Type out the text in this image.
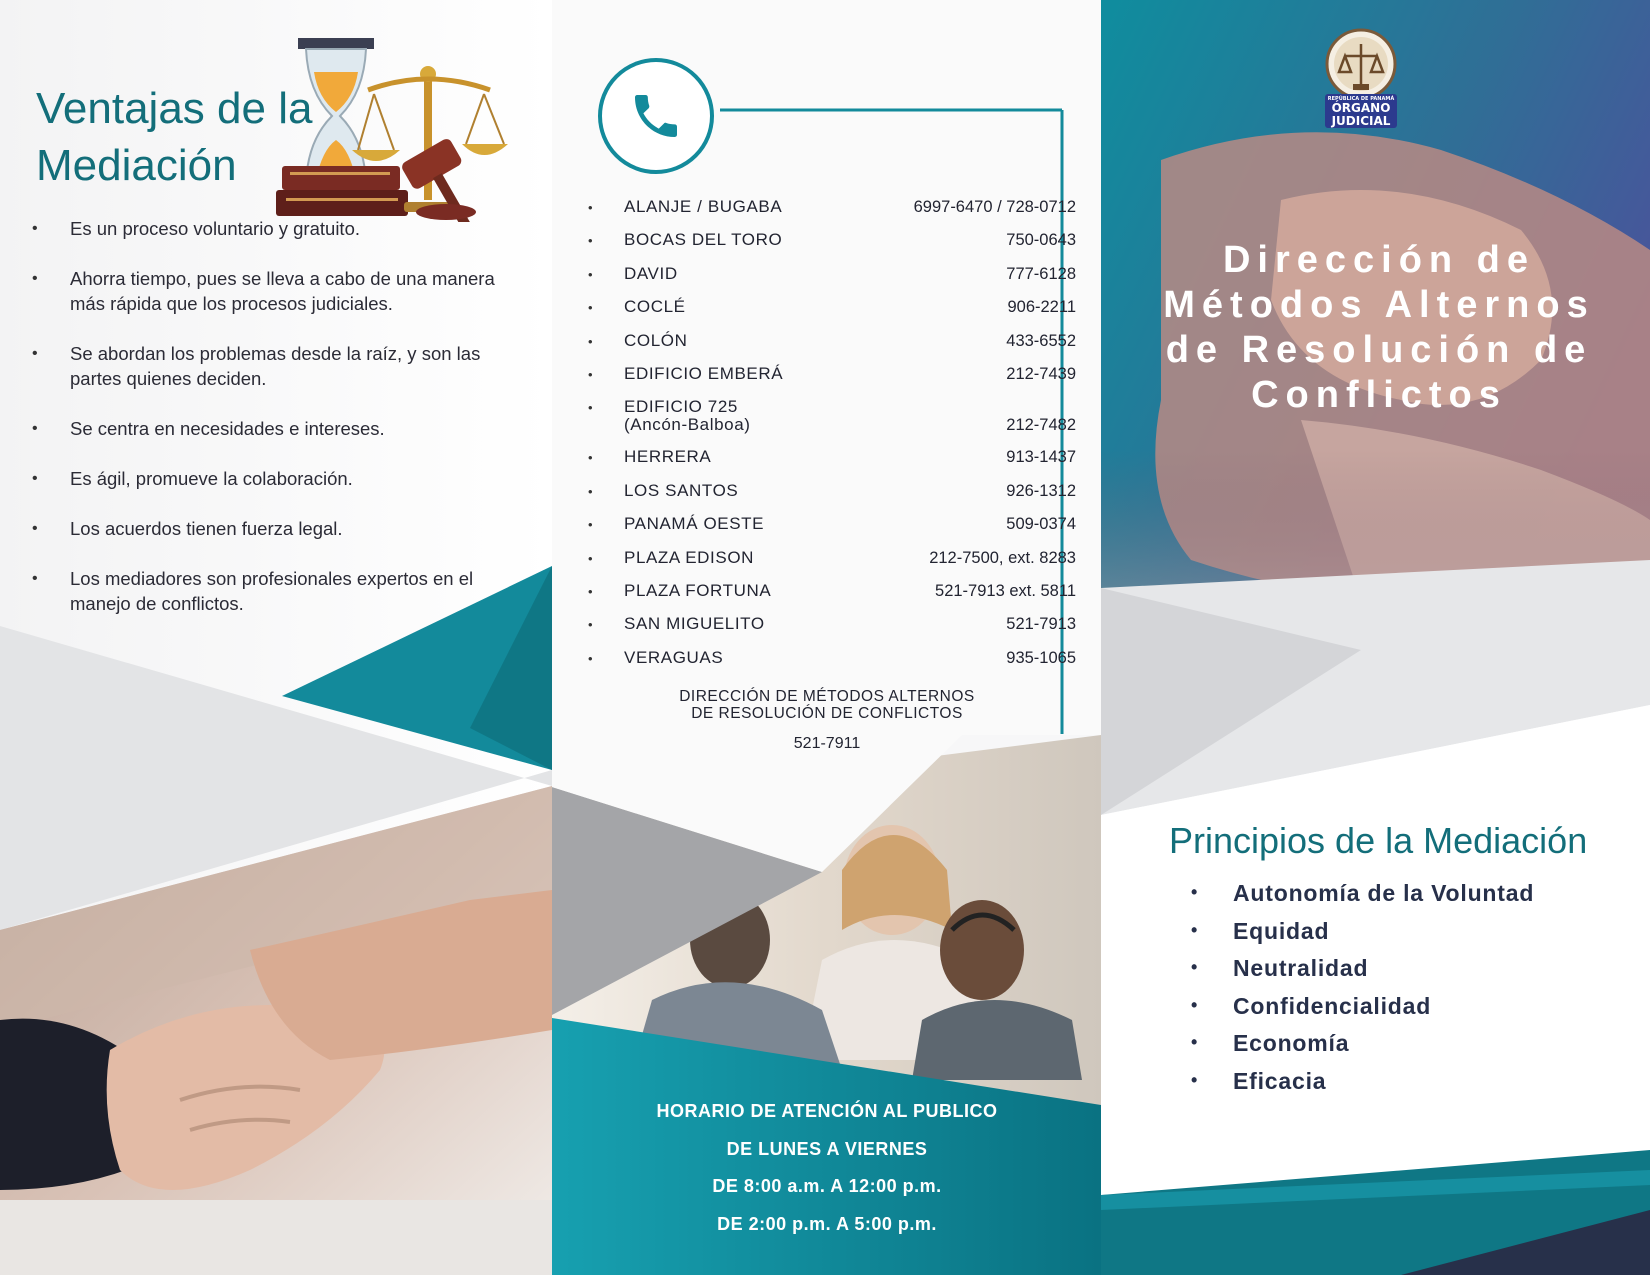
Ventajas de la Mediación
• Es un proceso voluntario y gratuito.
• Ahorra tiempo, pues se lleva a cabo de una manera más rápida que los procesos judiciales.
• Se abordan los problemas desde la raíz, y son las partes quienes deciden.
• Se centra en necesidades e intereses.
• Es ágil, promueve la colaboración.
• Los acuerdos tienen fuerza legal.
• Los mediadores son profesionales expertos en el manejo de conflictos.
• ALANJE / BUGABA	6997-6470 / 728-0712
• BOCAS DEL TORO	750-0643
• DAVID	777-6128
• COCLÉ	906-2211
• COLÓN	433-6552
• EDIFICIO EMBERÁ	212-7439
• EDIFICIO 725
(Ancón-Balboa)	212-7482
• HERRERA	913-1437
• LOS SANTOS	926-1312
• PANAMÁ OESTE	509-0374
• PLAZA EDISON	212-7500, ext. 8283
• PLAZA FORTUNA	521-7913 ext. 5811
• SAN MIGUELITO	521-7913
• VERAGUAS	935-1065
DIRECCIÓN DE MÉTODOS ALTERNOS
DE RESOLUCIÓN DE CONFLICTOS
521-7911
HORARIO DE ATENCIÓN AL PUBLICO
DE LUNES A VIERNES
DE 8:00 a.m. A 12:00 p.m.
DE 2:00 p.m. A 5:00 p.m.
REPÚBLICA DE PANAMÁ
ÓRGANO
JUDICIAL
Dirección de
Métodos Alternos
de Resolución de
Conflictos
Principios de la Mediación
• Autonomía de la Voluntad
• Equidad
• Neutralidad
• Confidencialidad
• Economía
• Eficacia
